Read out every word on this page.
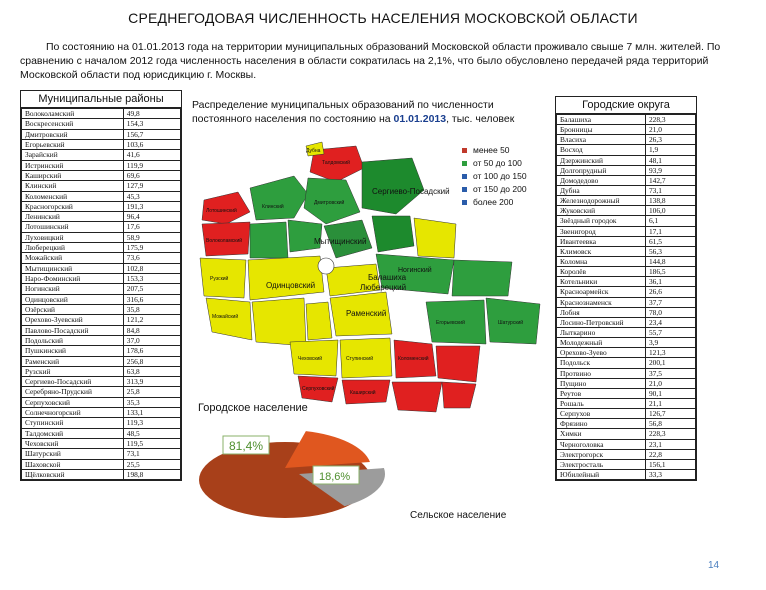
СРЕДНЕГОДОВАЯ ЧИСЛЕННОСТЬ НАСЕЛЕНИЯ МОСКОВСКОЙ ОБЛАСТИ
По состоянию на 01.01.2013 года на территории муниципальных образований Московской области проживало свыше 7 млн. жителей. По сравнению с началом 2012 года численность населения в области сократилась на 2,1%, что было обусловлено передачей ряда территорий Московской области под юрисдикцию г. Москвы.
Распределение муниципальных образований по численности постоянного населения по состоянию на 01.01.2013, тыс. человек
Муниципальные районы
Волоколамский	49,8
Воскресенский	154,3
Дмитровский	156,7
Егорьевский	103,6
Зарайский	41,6
Истринский	119,9
Каширский	69,6
Клинский	127,9
Коломенский	45,3
Красногорский	191,3
Ленинский	96,4
Лотошинский	17,6
Луховицкий	58,9
Люберецкий	175,9
Можайский	73,6
Мытищинский	102,8
Наро-Фоминский	153,3
Ногинский	207,5
Одинцовский	316,6
Озёрский	35,8
Орехово-Зуевский	121,2
Павлово-Посадский	84,8
Подольский	37,0
Пушкинский	178,6
Раменский	256,8
Рузский	63,8
Сергиево-Посадский	313,9
Серебряно-Прудский	25,8
Серпуховский	35,3
Солнечногорский	133,1
Ступинский	119,3
Талдомский	48,5
Чеховский	119,5
Шатурский	73,1
Шаховской	25,5
Щёлковский	198,8
Городские округа
Балашиха	228,3
Бронницы	21,0
Власиха	26,3
Восход	1,9
Дзержинский	48,1
Долгопрудный	93,9
Домодедово	142,7
Дубна	73,1
Железнодорожный	138,8
Жуковский	106,0
Звёздный городок	6,1
Звенигород	17,1
Ивантеевка	61,5
Климовск	56,3
Коломна	144,8
Королёв	186,5
Котельники	36,1
Красноармейск	26,6
Краснознаменск	37,7
Лобня	78,0
Лосино-Петровский	23,4
Лыткарино	55,7
Молодежный	3,9
Орехово-Зуево	121,3
Подольск	200,1
Протвино	37,5
Пущино	21,0
Реутов	90,1
Рошаль	21,1
Серпухов	126,7
Фрязино	56,8
Химки	228,3
Черноголовка	23,1
Электрогорск	22,8
Электросталь	156,1
Юбилейный	33,3
Сергиево-Посадский
Мытищинский
Балашиха
Люберецкий
Одинцовский
Раменский
Ногинский
Клинский
Дмитровский
Волоколамский
Можайский
Рузский
Чеховский
Серпуховский
Коломенский
Шатурский
Егорьевский
Каширский
Ступинский
Талдомский
Лотошинский
Дубна	менее 50
от 50 до 100
от 100 до 150
от 150 до 200
более 200
Городское население
81,4%
18,6%
Сельское население
14
